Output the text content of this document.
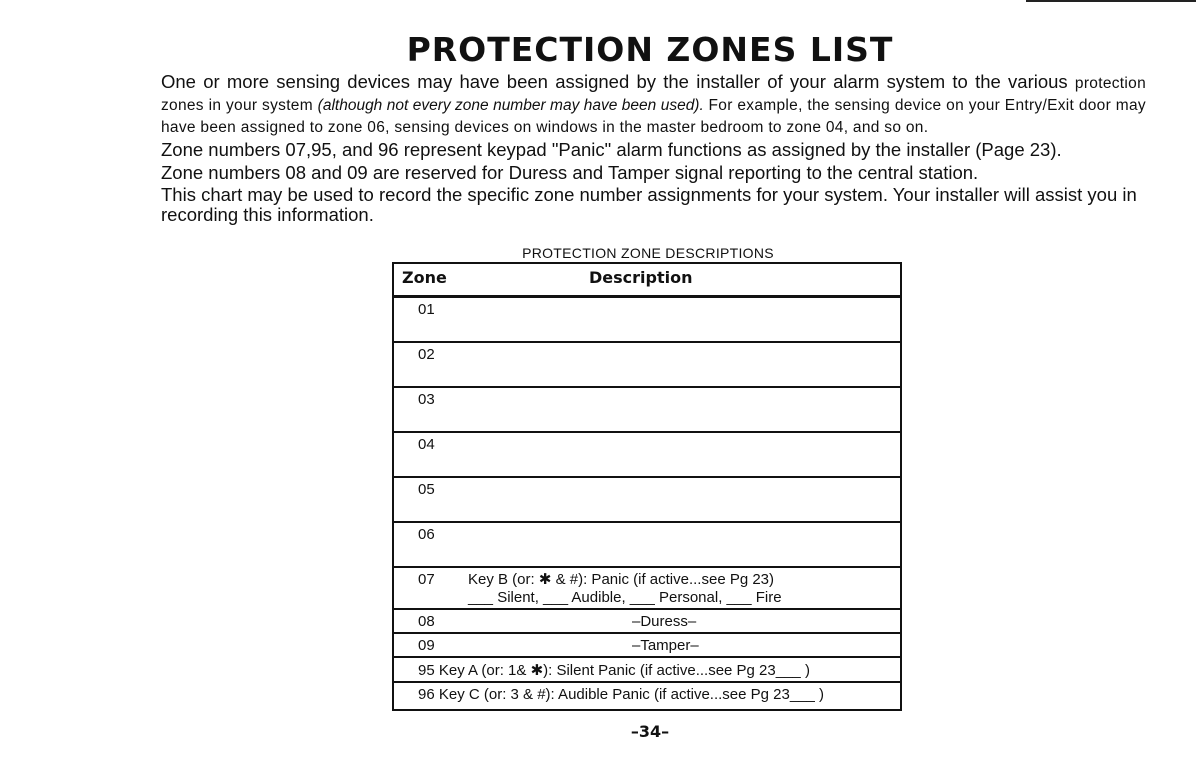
PROTECTION ZONES LIST

One or more sensing devices may have been assigned by the installer of your alarm system to the various protection zones in your system (although not every zone number may have been used). For example, the sensing device on your Entry/Exit door may have been assigned to zone 06, sensing devices on windows in the master bedroom to zone 04, and so on.

Zone numbers 07,95, and 96 represent keypad "Panic" alarm functions as assigned by the installer (Page 23).

Zone numbers 08 and 09 are reserved for Duress and Tamper signal reporting to the central station.

This chart may be used to record the specific zone number assignments for your system. Your installer will assist you in recording this information.

PROTECTION ZONE DESCRIPTIONS
Zone	Description
01
02
03
04
05
06
07 Key B (or: ✱ & #): Panic (if active...see Pg 23)
___ Silent, ___ Audible, ___ Personal, ___ Fire
08	–Duress–
09	–Tamper–
95 Key A (or: 1& ✱): Silent Panic (if active...see Pg 23___ )
96 Key C (or: 3 & #): Audible Panic (if active...see Pg 23___ )
–34–
